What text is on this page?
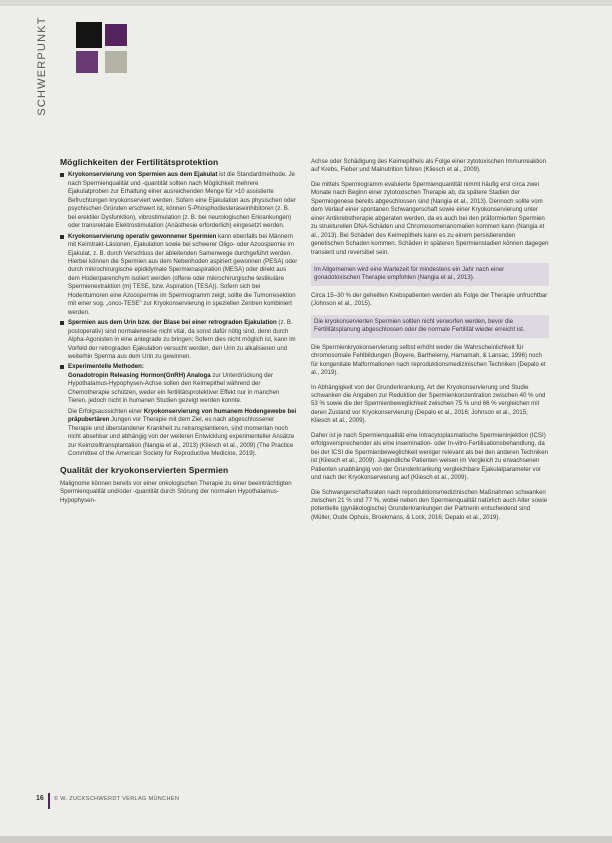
SCHWERPUNKT
Möglichkeiten der Fertilitätsprotektion
Kryokonservierung von Spermien aus dem Ejakulat ist die Standardmethode. Je nach Spermienqualität und -quantität sollten nach Möglichkeit mehrere Ejakulatproben zur Erhaltung einer ausreichenden Menge für >10 assistierte Befruchtungen kryokonserviert werden. Sofern eine Ejakulation aus physischen oder psychischen Gründen erschwert ist, können 5-Phosphodiesteraseinhibitoren (z. B. bei erektiler Dysfunktion), vibrostimulation (z. B. bei neurologischen Erkrankungen) oder transrektale Elektrostimulation (Anästhesie erforderlich) eingesetzt werden.
Kryokonservierung operativ gewonnener Spermien kann ebenfalls bei Männern mit Keimtrakt-Läsionen, Ejakulation sowie bei schwerer Oligo- oder Azoospermie im Ejakulat, z. B. durch Verschluss der ableitenden Samenwege durchgeführt werden. Hierbei können die Spermien aus dem Nebenhoden aspiriert gewonnen (PESA) oder durch mikrochirurgische epididymale Spermienaspiration (MESA) oder direkt aus dem Hodenparenchym isoliert werden (offene oder mikrochirurgische testikuläre Spermienextraktion (m) TESE, bzw. Aspiration (TESA)). Sofern sich bei Hodentumoren eine Azoospermie im Spermiogramm zeigt, sollte die Tumorresektion mit einer sog. „onco-TESE" zur Kryokonservierung in speziellen Zentren kombiniert werden.
Spermien aus dem Urin bzw. der Blase bei einer retrograden Ejakulation (z. B. postoperativ) sind normalerweise nicht vital, da sonst dafür nötig sind, denn durch Alpha-Agonisten in eine antegrade zu bringen; Sofern dies nicht möglich ist, kann im Vorfeld der retrograden Ejakulation versucht werden, den Urin zu alkalisieren und weiterhin Sperma aus dem Urin zu gewinnen.
Experimentelle Methoden:
Gonadotropin Releasing Hormon(GnRH) Analoga zur Unterdrückung der Hypothalamus-Hypophysen-Achse sollen den Keimepithel während der Chemotherapie schützen, weder ein fertilitätsprotektiver Effekt nur in manchen Tieren, jedoch nicht in humanen Studien gezeigt werden konnte.

Die Erfolgsaussichten einer Kryokonservierung von humanem Hodengewebe bei präpubertären Jungen vor Therapie mit dem Ziel, es nach abgeschlossener Therapie und überstandener Krankheit zu retransplantieren, sind momentan noch nicht absehbar und abhängig von der weiteren Entwicklung experimenteller Ansätze zur Keimzelltransplantation (Nangia et al., 2013) (Kliesch et al., 2009) (The Practice Committee of the American Society for Reproductive Medicine, 2019).

Qualität der kryokonservierten Spermien

Malignome können bereits vor einer onkologischen Therapie zu einer beeinträchtigten Spermienqualität und/oder -quantität durch Störung der normalen Hypothalamus-Hypophysen-

Achse oder Schädigung des Keimepithels als Folge einer zytotoxischen Immunreaktion auf Krebs, Fieber und Malnutrition führen (Kliesch et al., 2009).

Die mittels Spermiogramm evaluierte Spermienquantität nimmt häufig erst circa zwei Monate nach Beginn einer zytotoxischen Therapie ab, da spätere Stadien der Spermiogenese bereits abgeschlossen sind (Nangia et al., 2013). Dennoch sollte vom dem Verlauf einer spontanen Schwangerschaft sowie einer Kryokonservierung unter einer Antikrebstherapie abgeraten werden, da es auch bei den präformierten Spermien zu strukturellen DNA-Schäden und Chromosomenanomalien kommen kann (Nangia et al., 2013). Bei Schäden des Keimepithels kann es zu einem persistierenden genetischen Schaden kommen. Schäden in späteren Spermienstadien können dagegen transient und reversibel sein.

Im Allgemeinen wird eine Wartezeit für mindestens ein Jahr nach einer gonadotoxischen Therapie empfohlen (Nangia et al., 2013).

Circa 15–30 % der geheilten Krebspatienten werden als Folge der Therapie unfruchtbar (Johnson et al., 2015).

Die kryokonservierten Spermien sollten nicht verworfen werden, bevor die Fertilitätsplanung abgeschlossen oder die normale Fertilität wieder erreicht ist.

Die Spermienkryokonservierung selbst erhöht weder die Wahrscheinlichkeit für chromosomale Fehlbildungen (Boyere, Barthelemy, Hamamah, & Lansac, 1996) noch für kongenitale Malformationen nach reproduktionsmedizinischen Techniken (Depalo et al., 2019).

In Abhängigkeit von der Grunderkrankung, Art der Kryokonservierung und Studie schwanken die Angaben zur Reduktion der Spermienkonzentration zwischen 40 % und 53 % sowie die der Spermienbeweglichkeit zwischen 75 % und 66 % vergleichen mit deren Zustand vor Kryokonservierung (Depalo et al., 2016; Johnson et al., 2015; Kliesch et al., 2009).

Daher ist je nach Spermienqualität eine Intracytoplasmatische Spermieninjektion (ICSI) erfolgsversprechender als eine insemination- oder In-vitro-Fertilisationsbehandlung, da bei der ICSI die Spermienbeweglichkeit weniger relevant als bei den anderen Techniken ist (Kliesch et al., 2009). Jugendliche Patienten weisen im Vergleich zu erwachsenen Patienten unabhängig von der Grunderkrankung vergleichbare Ejakulatparameter vor und nach der Kryokonservierung auf (Kliesch et al., 2009).

Die Schwangerschaftsraten nach reproduktionsmedizinischen Maßnahmen schwanken zwischen 21 % und 77 %, wobei neben den Spermienqualität natürlich auch Alter sowie potentielle (gynäkologische) Grunderkrankungen der Partnerin entscheidend sind (Müller, Oude Ophuis, Broekmans, & Lock, 2016; Depalo et al., 2019).

16 © W. ZUCKSCHWERDT VERLAG MÜNCHEN
